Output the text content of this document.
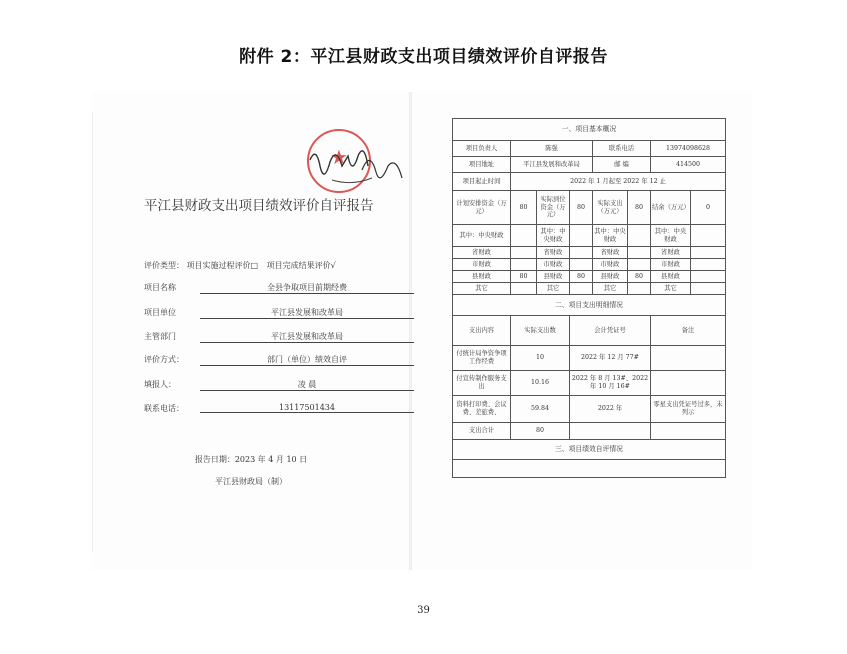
附件 2：平江县财政支出项目绩效评价自评报告
★
平江县财政支出项目绩效评价自评报告
评价类型： 项目实施过程评价□ 项目完成结果评价√
项目名称	全县争取项目前期经费
项目单位	平江县发展和改革局
主管部门	平江县发展和改革局
评价方式：	部门（单位）绩效自评
填报人：	凌 晨
联系电话：	13117501434
报告日期：2023 年 4 月 10 日
平江县财政局（制）
一、项目基本概况							
项目负责人	陈强			联系电话		13974098628	
项目地址	平江县发展和改革局			邮 编		414500	
项目起止时间	2022 年 1 月起至 2022 年 12 止						
计划安排资金（万元）	80	实际到位资金（万元）	80	实际支出（万元）	80	结余（万元）	0
其中：中央财政		其中：中央财政		其中：中央财政		其中：中央财政	
省财政		省财政		省财政		省财政	
市财政		市财政		市财政		市财政	
县财政	80	县财政	80	县财政	80	县财政	
其它		其它		其它		其它	
二、项目支出明细情况							
支出内容	实际支出数		会计凭证号			备注	
付统计局争资争项工作经费	10		2022 年 12 月 77#				
付宣传制作服务支出	10.16		2022 年 8 月 13#、2022 年 10 月 16#				
资料打印费、会议费、差旅费、	59.84		2022 年			零星支出凭证号过多，未列示	
支出合计	80						
三、项目绩效自评情况							

39
